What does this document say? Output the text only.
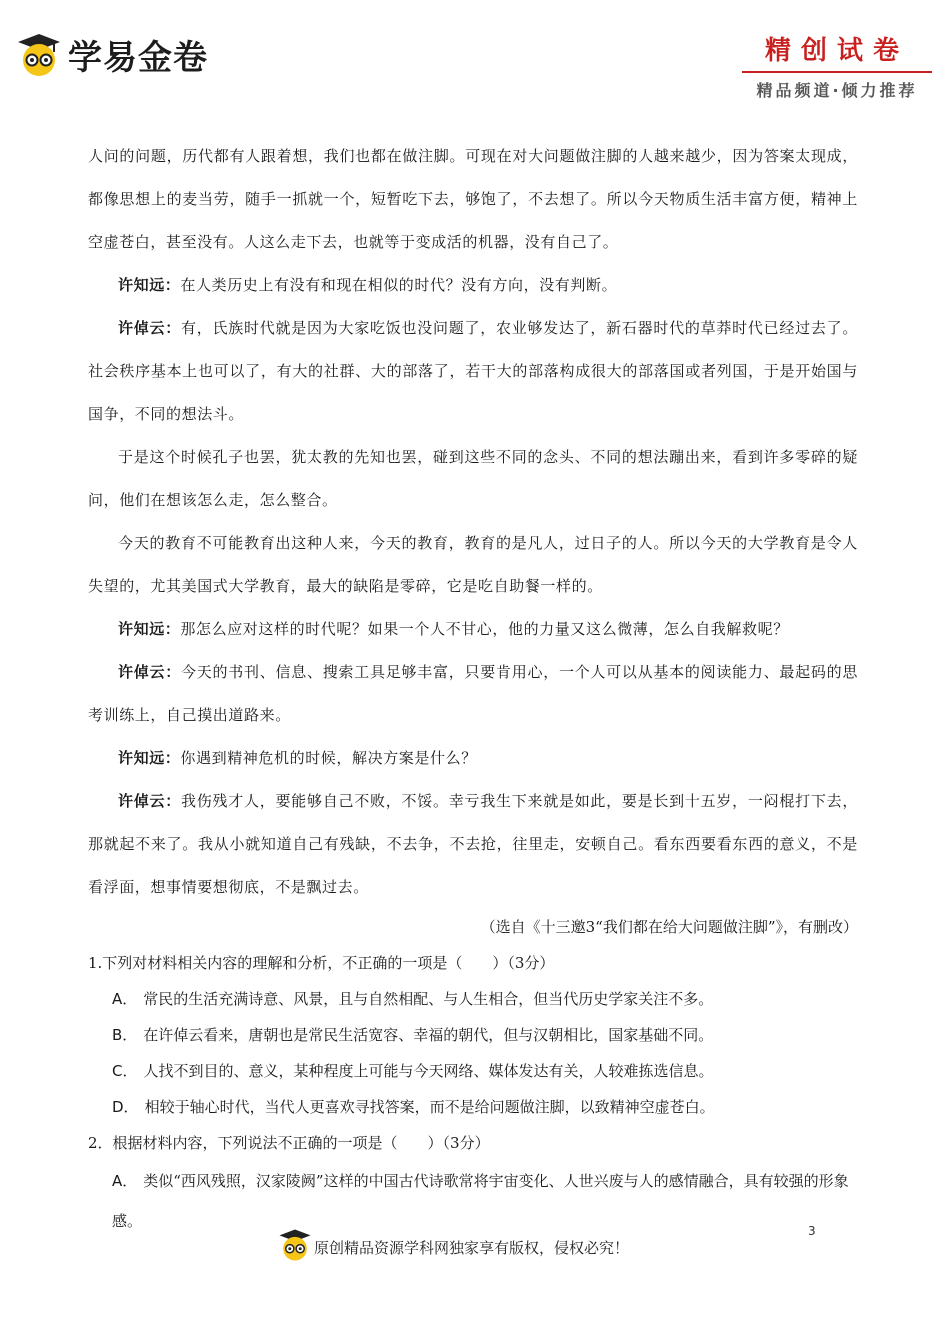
学易金卷	精创试卷
精品频道·倾力推荐

人问的问题，历代都有人跟着想，我们也都在做注脚。可现在对大问题做注脚的人越来越少，因为答案太现成，都像思想上的麦当劳，随手一抓就一个，短暂吃下去，够饱了，不去想了。所以今天物质生活丰富方便，精神上空虚苍白，甚至没有。人这么走下去，也就等于变成活的机器，没有自己了。

许知远：在人类历史上有没有和现在相似的时代？没有方向，没有判断。

许倬云：有，氏族时代就是因为大家吃饭也没问题了，农业够发达了，新石器时代的草莽时代已经过去了。社会秩序基本上也可以了，有大的社群、大的部落了，若干大的部落构成很大的部落国或者列国，于是开始国与国争，不同的想法斗。

于是这个时候孔子也罢，犹太教的先知也罢，碰到这些不同的念头、不同的想法蹦出来，看到许多零碎的疑问，他们在想该怎么走，怎么整合。

今天的教育不可能教育出这种人来，今天的教育，教育的是凡人，过日子的人。所以今天的大学教育是令人失望的，尤其美国式大学教育，最大的缺陷是零碎，它是吃自助餐一样的。

许知远：那怎么应对这样的时代呢？如果一个人不甘心，他的力量又这么微薄，怎么自我解救呢？

许倬云：今天的书刊、信息、搜索工具足够丰富，只要肯用心，一个人可以从基本的阅读能力、最起码的思考训练上，自己摸出道路来。

许知远：你遇到精神危机的时候，解决方案是什么？

许倬云：我伤残才人，要能够自己不败，不馁。幸亏我生下来就是如此，要是长到十五岁，一闷棍打下去，那就起不来了。我从小就知道自己有残缺，不去争，不去抢，往里走，安顿自己。看东西要看东西的意义，不是看浮面，想事情要想彻底，不是飘过去。

（选自《十三邀3“我们都在给大问题做注脚”》，有删改）

1.下列对材料相关内容的理解和分析，不正确的一项是（　　）（3分）

A． 常民的生活充满诗意、风景，且与自然相配、与人生相合，但当代历史学家关注不多。

B． 在许倬云看来，唐朝也是常民生活宽容、幸福的朝代，但与汉朝相比，国家基础不同。

C． 人找不到目的、意义，某种程度上可能与今天网络、媒体发达有关，人较难拣选信息。

D． 相较于轴心时代，当代人更喜欢寻找答案，而不是给问题做注脚，以致精神空虚苍白。

2．根据材料内容，下列说法不正确的一项是（　　）（3分）

A． 类似“西风残照，汉家陵阙”这样的中国古代诗歌常将宇宙变化、人世兴废与人的感情融合，具有较强的形象感。

原创精品资源学科网独家享有版权，侵权必究！
3
